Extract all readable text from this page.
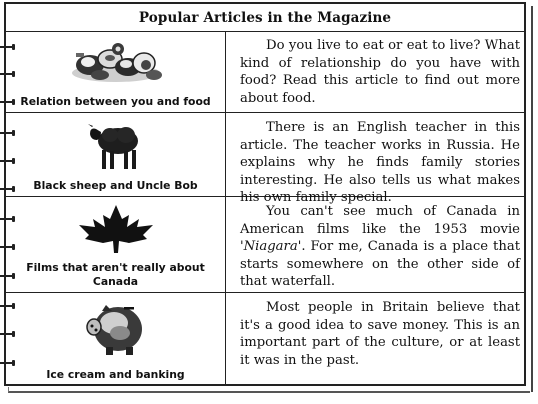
Popular Articles in the Magazine
Relation between you and food
Do you live to eat or eat to live? What kind of relationship do you have with food? Read this article to find out more about food.
Black sheep and Uncle Bob
There is an English teacher in this article. The teacher works in Russia. He explains why he finds family stories interesting. He also tells us what makes his own family special.
Films that aren't really about Canada
You can't see much of Canada in American films like the 1953 movie 'Niagara'. For me, Canada is a place that starts somewhere on the other side of that waterfall.
Ice cream and banking
Most people in Britain believe that it's a good idea to save money. This is an important part of the culture, or at least it was in the past.
